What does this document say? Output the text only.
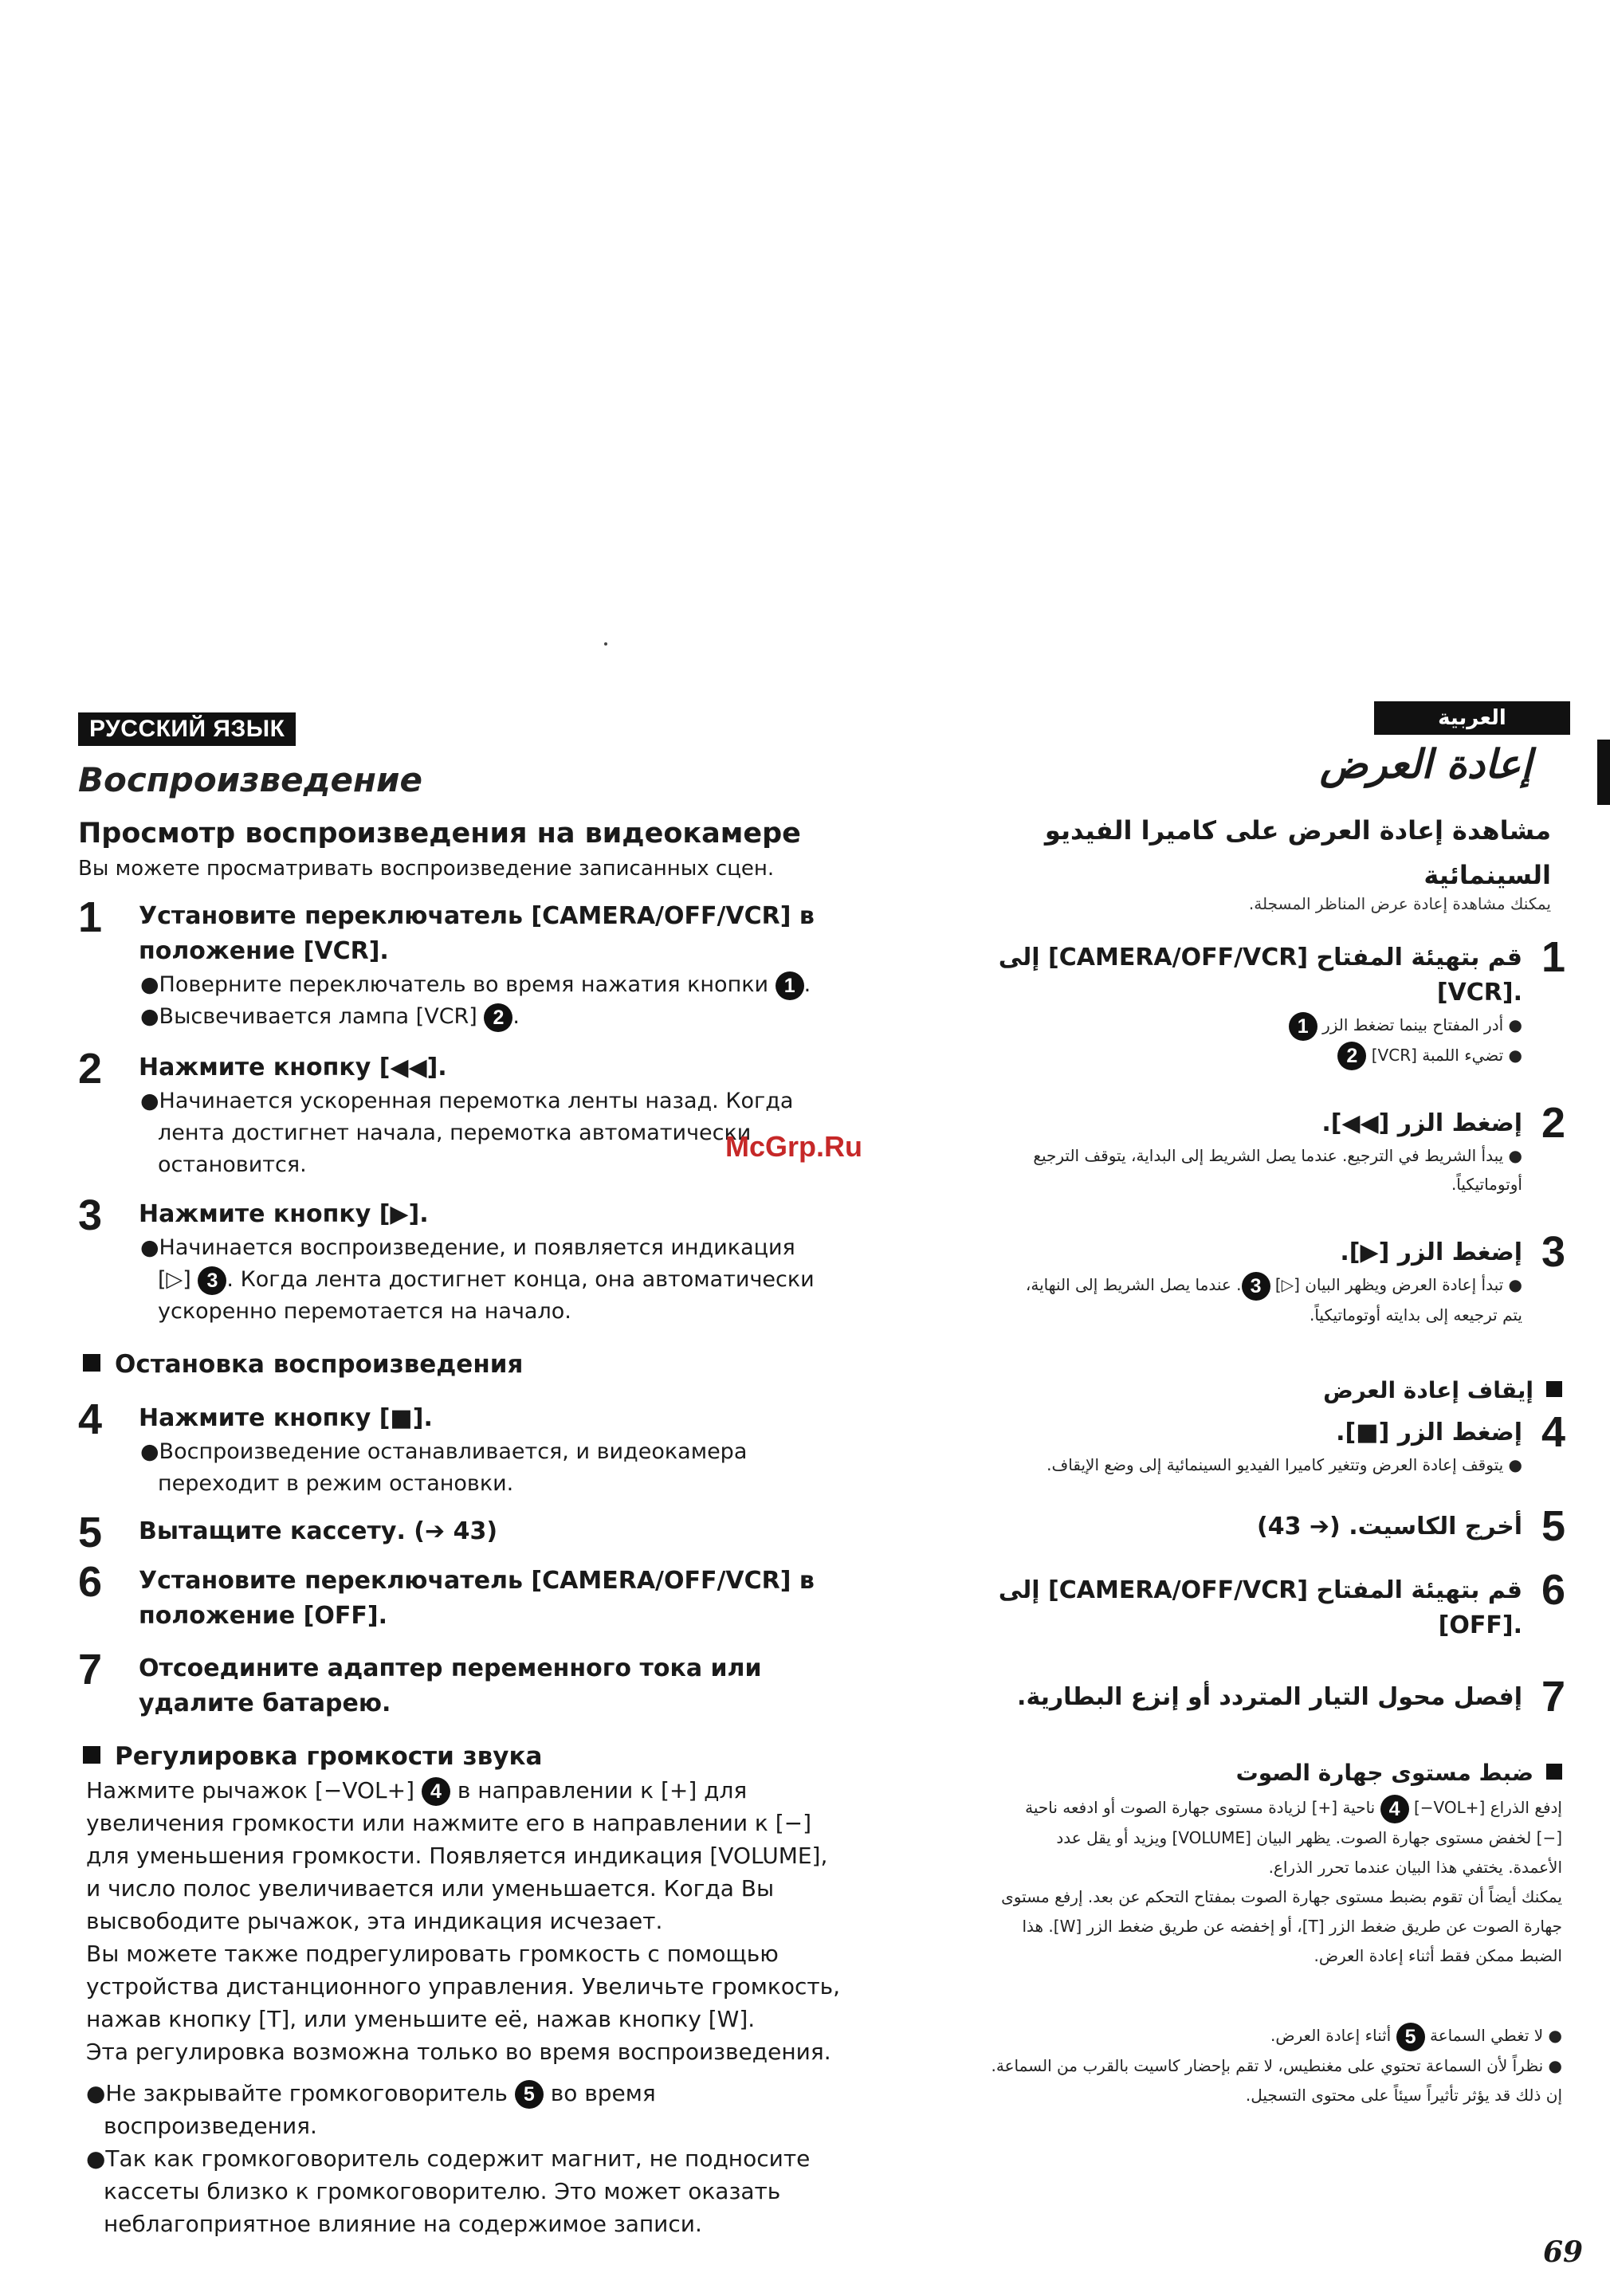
РУССКИЙ ЯЗЫК
Воспроизведение
Просмотр воспроизведения на видеокамере
Вы можете просматривать воспроизведение записанных сцен.
1 Установите переключатель [CAMERA/OFF/VCR] в
положение [VCR].
●Поверните переключатель во время нажатия кнопки 1 .
●Высвечивается лампа [VCR] 2 .
2 Нажмите кнопку [◀◀].
●Начинается ускоренная перемотка ленты назад. Когда
лента достигнет начала, перемотка автоматически
остановится.
3 Нажмите кнопку [▶].
●Начинается воспроизведение, и появляется индикация
[▷] 3 . Когда лента достигнет конца, она автоматически
ускоренно перемотается на начало.
Остановка воспроизведения
4 Нажмите кнопку [■].
●Воспроизведение останавливается, и видеокамера
переходит в режим остановки.
5 Вытащите кассету. (➔ 43)
6 Установите переключатель [CAMERA/OFF/VCR] в
положение [OFF].
7 Отсоедините адаптер переменного тока или
удалите батарею.
Регулировка громкости звука
Нажмите рычажок [−VOL+] 4 в направлении к [+] для
увеличения громкости или нажмите его в направлении к [−]
для уменьшения громкости. Появляется индикация [VOLUME],
и число полос увеличивается или уменьшается. Когда Вы
высвободите рычажок, эта индикация исчезает.
Вы можете также подрегулировать громкость с помощью
устройства дистанционного управления. Увеличьте громкость,
нажав кнопку [T], или уменьшите её, нажав кнопку [W].
Эта регулировка возможна только во время воспроизведения.
●Не закрывайте громкоговоритель 5 во время
воспроизведения.
●Так как громкоговоритель содержит магнит, не подносите
кассеты близко к громкоговорителю. Это может оказать
неблагоприятное влияние на содержимое записи.
العربية
إعادة العرض
مشاهدة إعادة العرض على كاميرا الفيديو
السينمائية
يمكنك مشاهدة إعادة عرض المناظر المسجلة.
1
قم بتهيئة المفتاح [CAMERA/OFF/VCR] إلى
.[VCR]
● أدر المفتاح بينما تضغط الزر 1
● تضيء اللمبة [VCR] 2
2
إضغط الزر [◀◀].
● يبدأ الشريط في الترجيع. عندما يصل الشريط إلى البداية، يتوقف الترجيع
أوتوماتيكياً.
3
إضغط الزر [▶].
● تبدأ إعادة العرض ويظهر البيان [▷] 3. عندما يصل الشريط إلى النهاية،
يتم ترجيعه إلى بدايته أوتوماتيكياً.
إيقاف إعادة العرض
4
إضغط الزر [■].
● يتوقف إعادة العرض وتتغير كاميرا الفيديو السينمائية إلى وضع الإيقاف.
5
أخرج الكاسيت. (➔ 43)
6
قم بتهيئة المفتاح [CAMERA/OFF/VCR] إلى
.[OFF]
7
إفصل محول التيار المتردد أو إنزع البطارية.
ضبط مستوى جهارة الصوت
إدفع الذراع [+VOL−] 4 ناحية [+] لزيادة مستوى جهارة الصوت أو ادفعه ناحية
[−] لخفض مستوى جهارة الصوت. يظهر البيان [VOLUME] ويزيد أو يقل عدد
الأعمدة. يختفي هذا البيان عندما تحرر الذراع.
يمكنك أيضاً أن تقوم بضبط مستوى جهارة الصوت بمفتاح التحكم عن بعد. إرفع مستوى
جهارة الصوت عن طريق ضغط الزر [T]، أو إخفضه عن طريق ضغط الزر [W]. هذا
الضبط ممكن فقط أثناء إعادة العرض.
● لا تغطي السماعة 5 أثناء إعادة العرض.
● نظراً لأن السماعة تحتوي على مغنطيس، لا تقم بإحضار كاسيت بالقرب من السماعة.
إن ذلك قد يؤثر تأثيراً سيئاً على محتوى التسجيل.
McGrp.Ru
69
